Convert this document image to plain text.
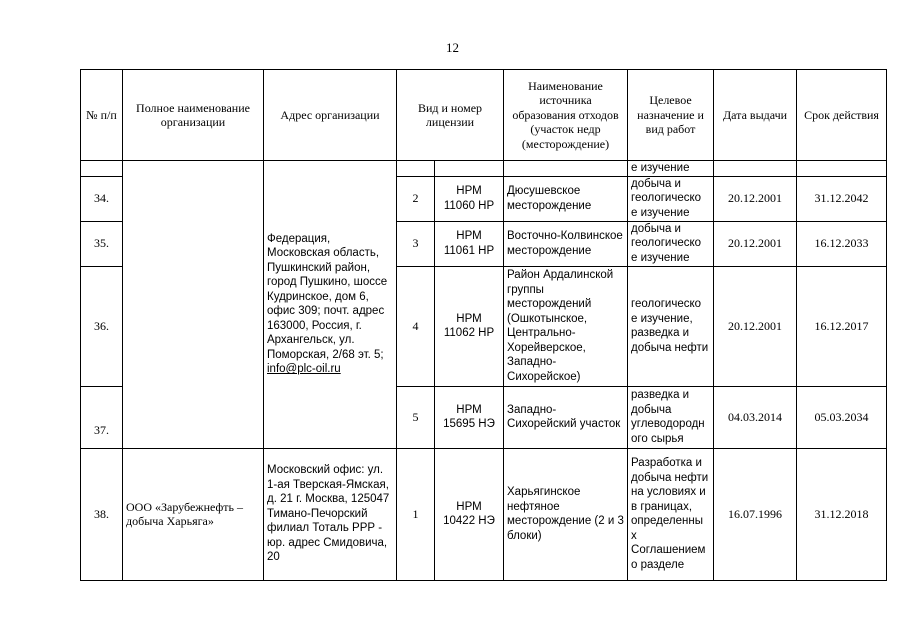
12
№ п/п	Полное наименование организации	Адрес организации	Вид и номер лицензии		Наименование источника образования отходов (участок недр (месторождение)	Целевое назначение и вид работ	Дата выдачи	Срок действия
		Федерация, Московская область, Пушкинский район, город Пушкино, шоссе Кудринское, дом 6, офис 309; почт. адрес 163000, Россия, г. Архангельск, ул. Поморская, 2/68 эт. 5; info@plc-oil.ru				е изучение		
34.			2	НРМ
11060 НР	Дюсушевское месторождение	добыча и геологическо е изучение	20.12.2001	31.12.2042
35.			3	НРМ
11061 НР	Восточно-Колвинское месторождение	добыча и геологическо е изучение	20.12.2001	16.12.2033
36.			4	НРМ
11062 НР	Район Ардалинской группы месторождений (Ошкотынское, Центрально-Хорейверское, Западно-Сихорейское)	геологическо е изучение, разведка и добыча нефти	20.12.2001	16.12.2017
37.			5	НРМ
15695 НЭ	Западно-Сихорейский участок	разведка и добыча углеводородн ого сырья	04.03.2014	05.03.2034
38.	ООО «Зарубежнефть – добыча Харьяга»	Московский офис: ул. 1-ая Тверская-Ямская, д. 21 г. Москва, 125047 Тимано-Печорский филиал Тоталь РРР - юр. адрес Смидовича, 20	1	НРМ
10422 НЭ	Харьягинское нефтяное месторождение (2 и 3 блоки)	Разработка и добыча нефти на условиях и в границах, определенны х Соглашением о разделе	16.07.1996	31.12.2018
